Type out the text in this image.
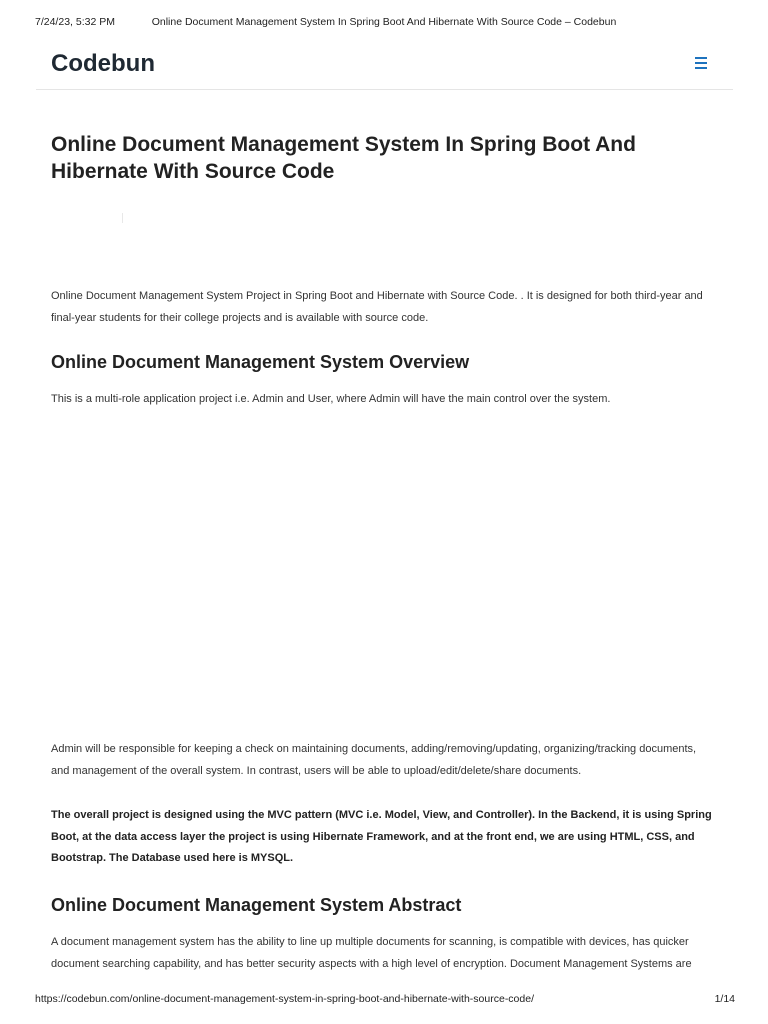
7/24/23, 5:32 PM	Online Document Management System In Spring Boot And Hibernate With Source Code – Codebun
Codebun
Online Document Management System In Spring Boot And Hibernate With Source Code

Online Document Management System Project in Spring Boot and Hibernate with Source Code. . It is designed for both third-year and final-year students for their college projects and is available with source code.

Online Document Management System Overview

This is a multi-role application project i.e. Admin and User, where Admin will have the main control over the system.

Admin will be responsible for keeping a check on maintaining documents, adding/removing/updating, organizing/tracking documents, and management of the overall system. In contrast, users will be able to upload/edit/delete/share documents.

The overall project is designed using the MVC pattern (MVC i.e. Model, View, and Controller). In the Backend, it is using Spring Boot, at the data access layer the project is using Hibernate Framework, and at the front end, we are using HTML, CSS, and Bootstrap. The Database used here is MYSQL.

Online Document Management System Abstract

A document management system has the ability to line up multiple documents for scanning, is compatible with devices, has quicker document searching capability, and has better security aspects with a high level of encryption. Document Management Systems are

https://codebun.com/online-document-management-system-in-spring-boot-and-hibernate-with-source-code/	1/14
